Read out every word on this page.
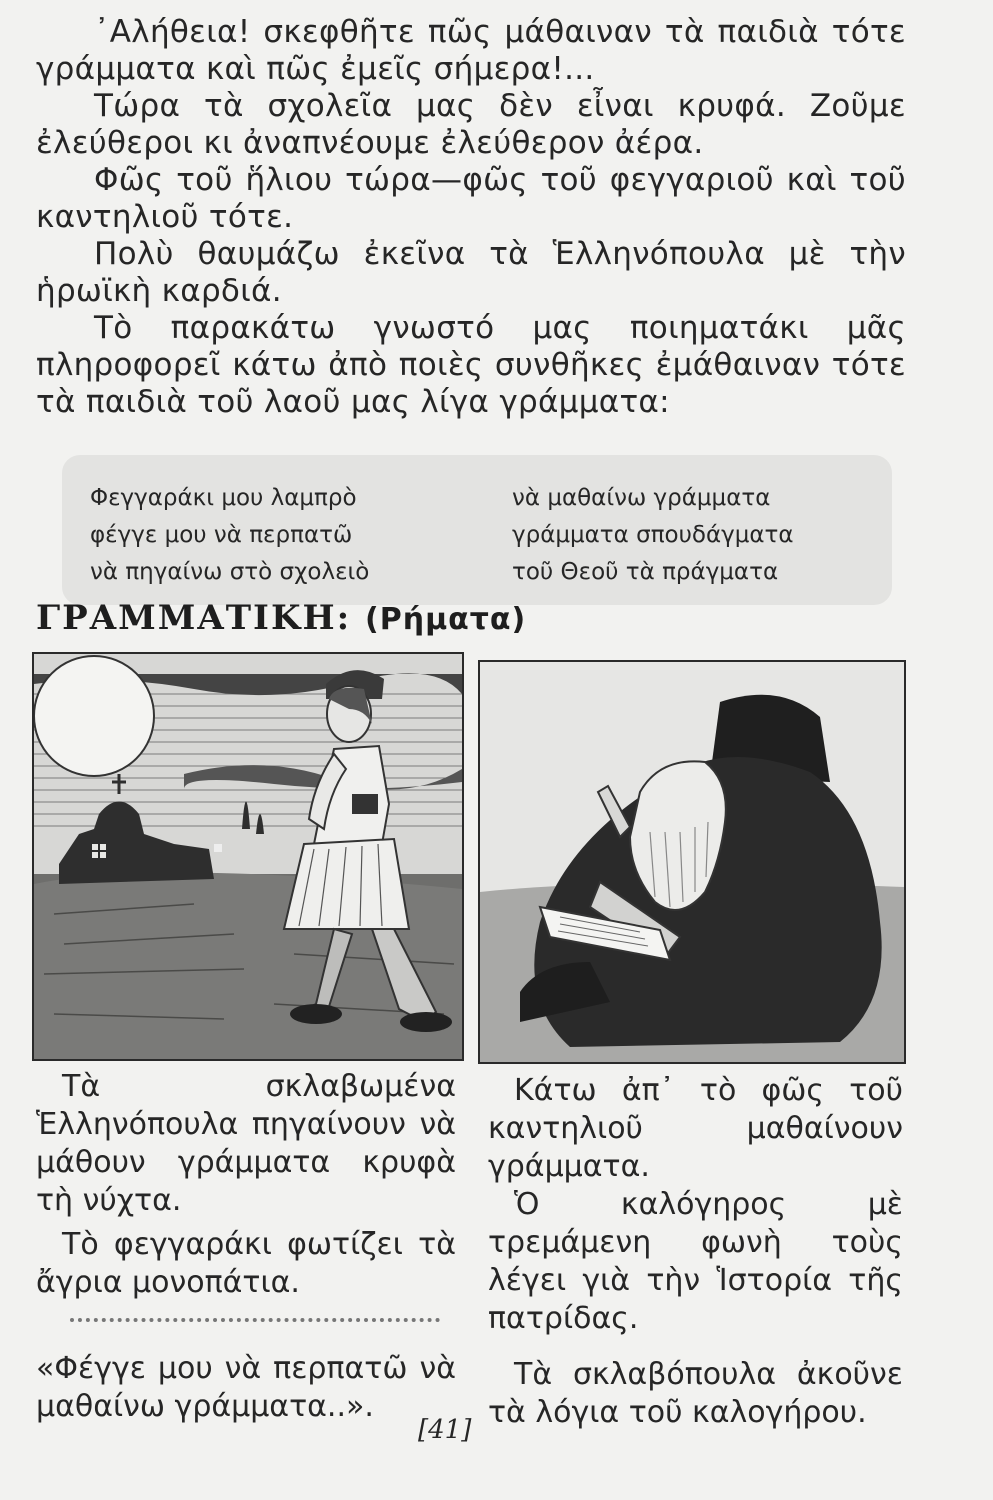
᾽Αλήθεια! σκεφθῆτε πῶς μάθαιναν τὰ παιδιὰ τότε γράμματα καὶ πῶς ἐμεῖς σήμερα!...

Τώρα τὰ σχολεῖα μας δὲν εἶναι κρυφά. Ζοῦμε ἐλεύθεροι κι ἀναπνέουμε ἐλεύθερον ἀέρα.

Φῶς τοῦ ἥλιου τώρα—φῶς τοῦ φεγγαριοῦ καὶ τοῦ καντηλιοῦ τότε.

Πολὺ θαυμάζω ἐκεῖνα τὰ Ἑλληνόπουλα μὲ τὴν ἡρωϊκὴ καρδιά.

Τὸ παρακάτω γνωστό μας ποιηματάκι μᾶς πληροφορεῖ κάτω ἀπὸ ποιὲς συνθῆκες ἐμάθαιναν τότε τὰ παιδιὰ τοῦ λαοῦ μας λίγα γράμματα:

Φεγγαράκι μου λαμπρὸ
φέγγε μου νὰ περπατῶ
νὰ πηγαίνω στὸ σχολειὸ
νὰ μαθαίνω γράμματα
γράμματα σπουδάγματα
τοῦ Θεοῦ τὰ πράγματα
ΓΡΑΜΜΑΤΙΚΗ: (Ρήματα)

Τὰ σκλαβωμένα Ἑλληνόπουλα πηγαίνουν νὰ μάθουν γράμματα κρυφὰ τὴ νύχτα.

Τὸ φεγγαράκι φωτίζει τὰ ἄγρια μονοπάτια.

«Φέγγε μου νὰ περπατῶ νὰ μαθαίνω γράμματα..».

Κάτω ἀπ᾽ τὸ φῶς τοῦ καντηλιοῦ μαθαίνουν γράμματα.

Ὁ καλόγηρος μὲ τρεμάμενη φωνὴ τοὺς λέγει γιὰ τὴν Ἱστορία τῆς πατρίδας.

Τὰ σκλαβόπουλα ἀκοῦνε τὰ λόγια τοῦ καλογήρου.

[41]
